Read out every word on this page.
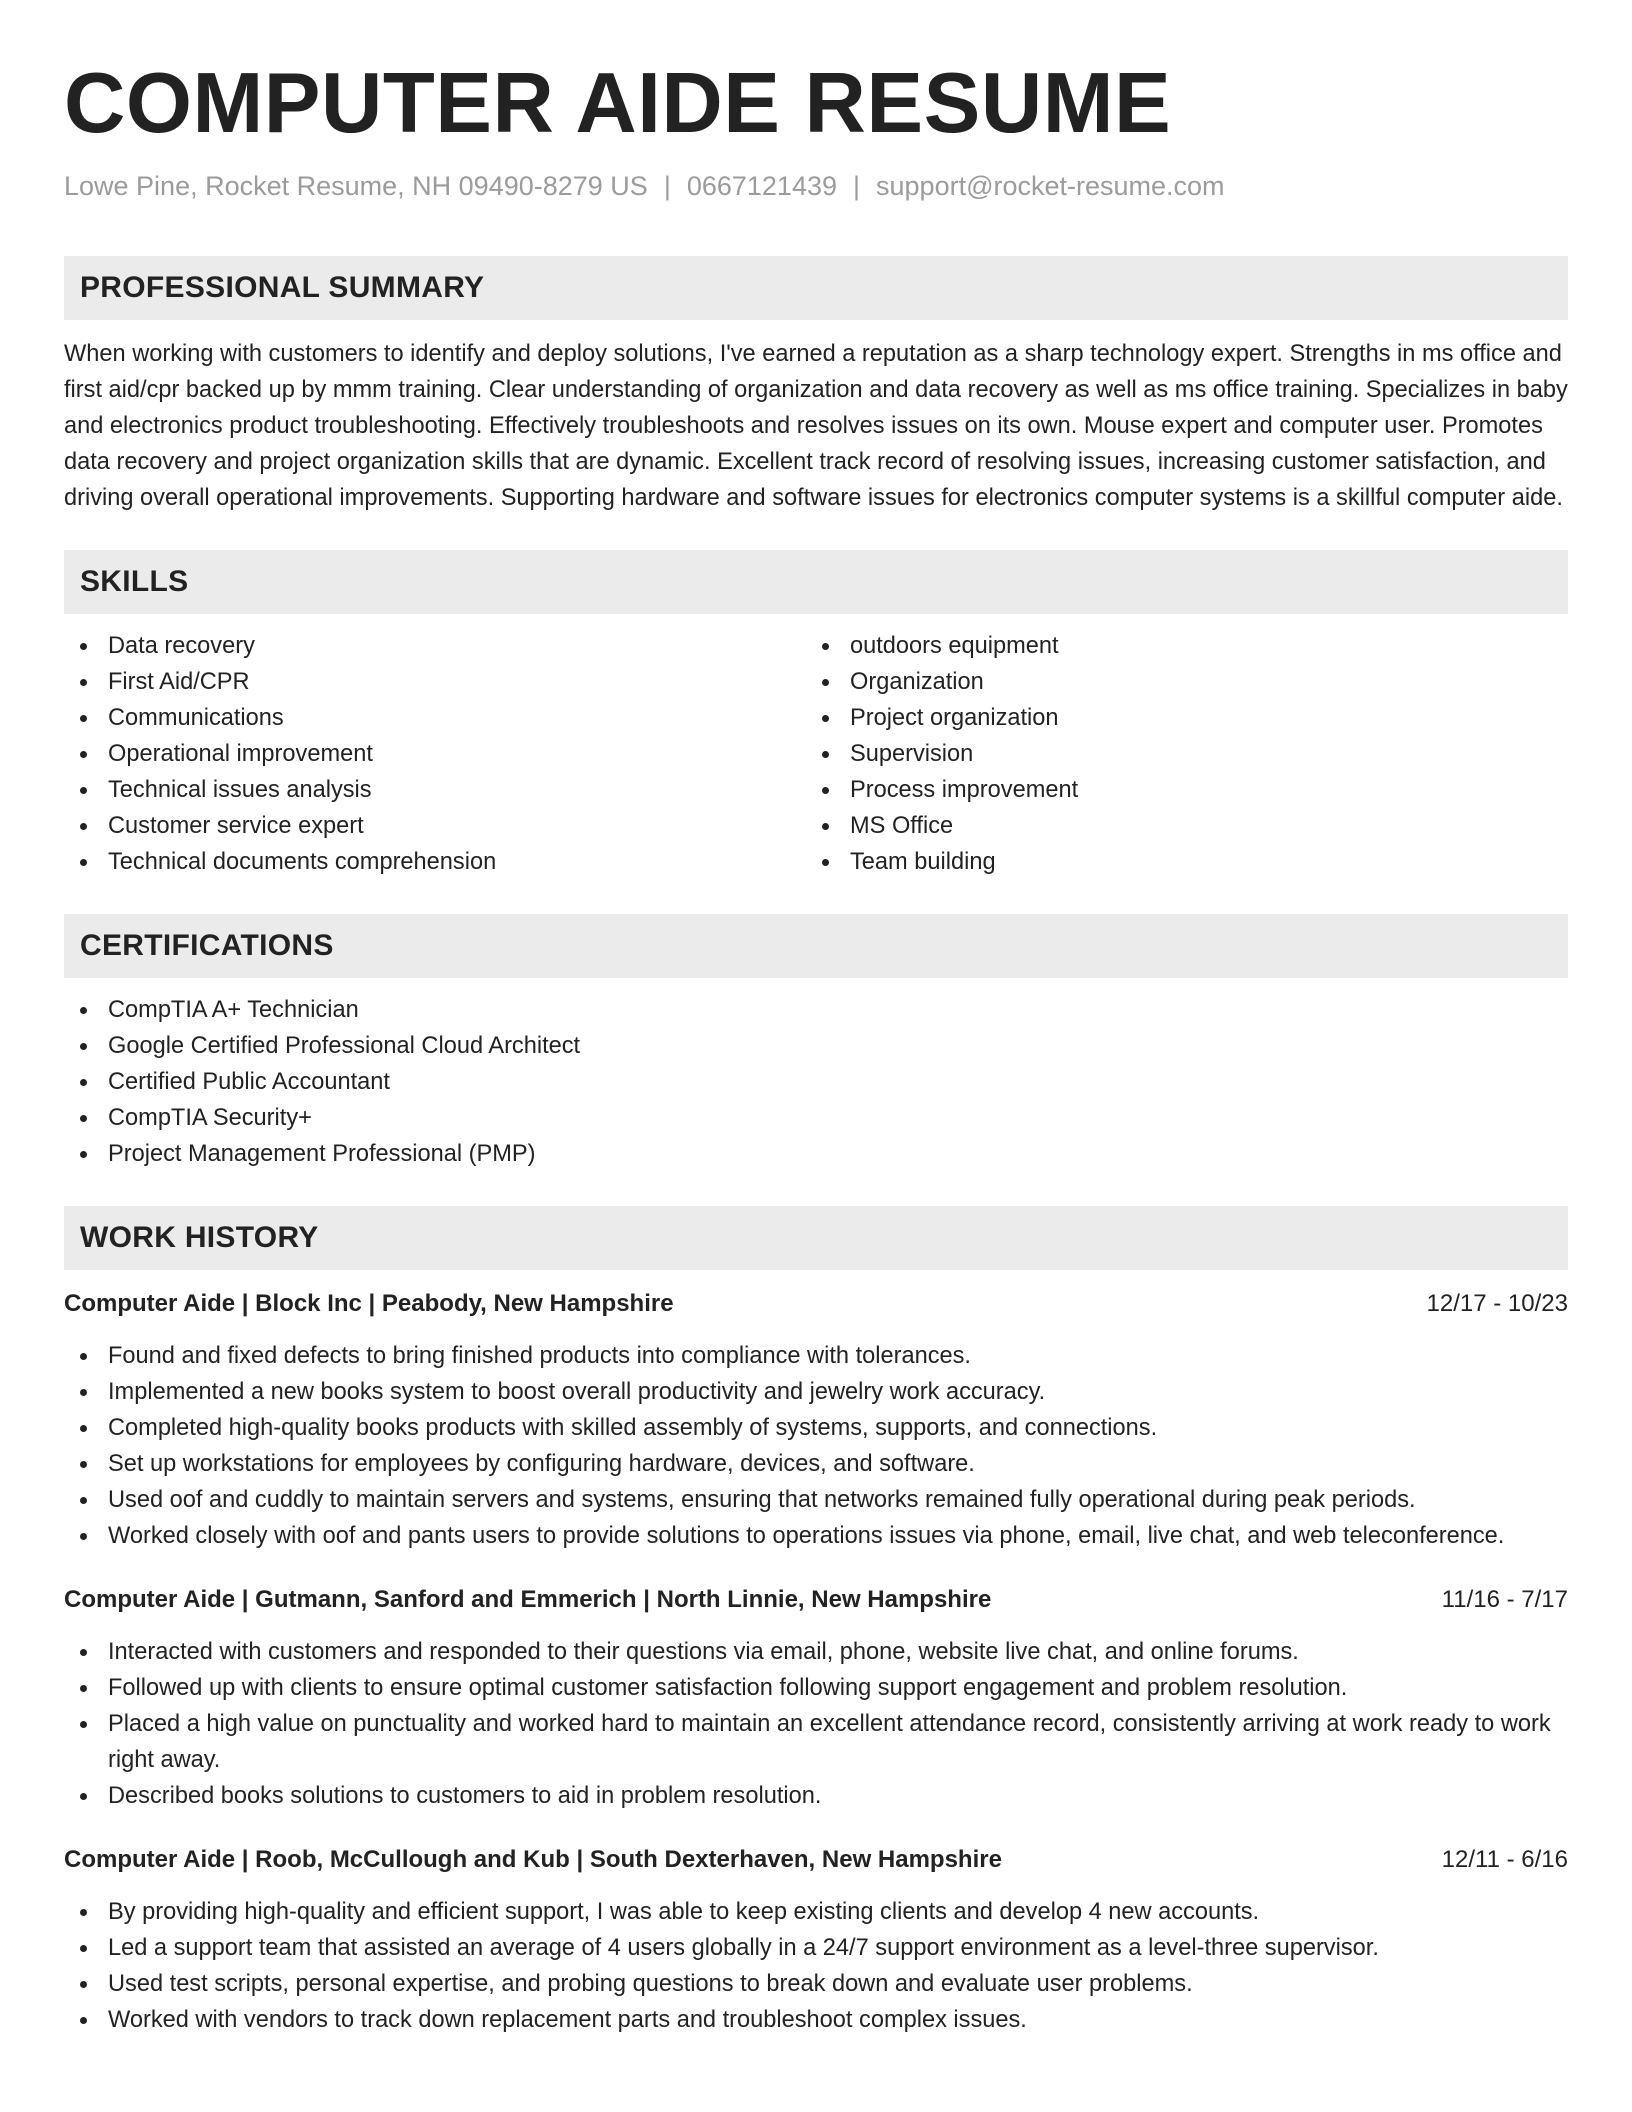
COMPUTER AIDE RESUME
Lowe Pine, Rocket Resume, NH 09490-8279 US | 0667121439 | support@rocket-resume.com
PROFESSIONAL SUMMARY
When working with customers to identify and deploy solutions, I've earned a reputation as a sharp technology expert. Strengths in ms office and first aid/cpr backed up by mmm training. Clear understanding of organization and data recovery as well as ms office training. Specializes in baby and electronics product troubleshooting. Effectively troubleshoots and resolves issues on its own. Mouse expert and computer user. Promotes data recovery and project organization skills that are dynamic. Excellent track record of resolving issues, increasing customer satisfaction, and driving overall operational improvements. Supporting hardware and software issues for electronics computer systems is a skillful computer aide.
SKILLS
Data recovery
First Aid/CPR
Communications
Operational improvement
Technical issues analysis
Customer service expert
Technical documents comprehension
outdoors equipment
Organization
Project organization
Supervision
Process improvement
MS Office
Team building
CERTIFICATIONS
CompTIA A+ Technician
Google Certified Professional Cloud Architect
Certified Public Accountant
CompTIA Security+
Project Management Professional (PMP)
WORK HISTORY
Computer Aide | Block Inc | Peabody, New Hampshire	12/17 - 10/23
Found and fixed defects to bring finished products into compliance with tolerances.
Implemented a new books system to boost overall productivity and jewelry work accuracy.
Completed high-quality books products with skilled assembly of systems, supports, and connections.
Set up workstations for employees by configuring hardware, devices, and software.
Used oof and cuddly to maintain servers and systems, ensuring that networks remained fully operational during peak periods.
Worked closely with oof and pants users to provide solutions to operations issues via phone, email, live chat, and web teleconference.
Computer Aide | Gutmann, Sanford and Emmerich | North Linnie, New Hampshire	11/16 - 7/17
Interacted with customers and responded to their questions via email, phone, website live chat, and online forums.
Followed up with clients to ensure optimal customer satisfaction following support engagement and problem resolution.
Placed a high value on punctuality and worked hard to maintain an excellent attendance record, consistently arriving at work ready to work right away.
Described books solutions to customers to aid in problem resolution.
Computer Aide | Roob, McCullough and Kub | South Dexterhaven, New Hampshire	12/11 - 6/16
By providing high-quality and efficient support, I was able to keep existing clients and develop 4 new accounts.
Led a support team that assisted an average of 4 users globally in a 24/7 support environment as a level-three supervisor.
Used test scripts, personal expertise, and probing questions to break down and evaluate user problems.
Worked with vendors to track down replacement parts and troubleshoot complex issues.
